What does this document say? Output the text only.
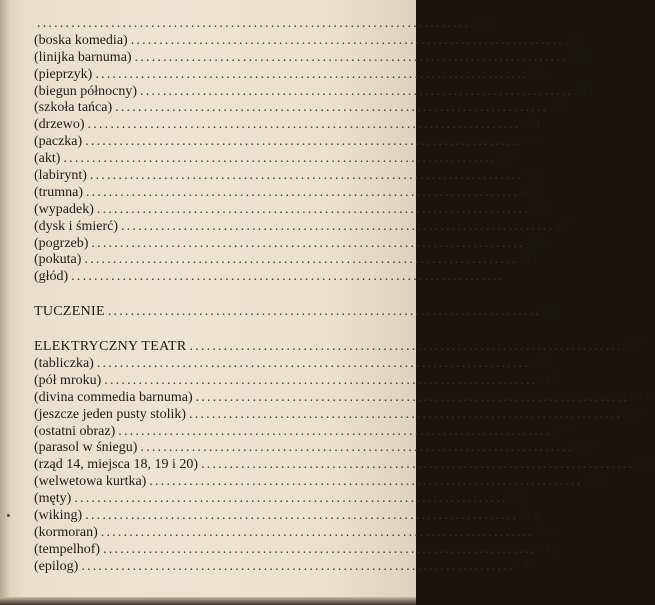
............................................................................ 254
(boska komedia) ............................................................................ 272
(linijka barnuma) ............................................................................ 294
(pieprzyk) ............................................................................ 321
(biegun północny) ............................................................................ 331
(szkoła tańca) ............................................................................ 362
(drzewo) ............................................................................ 371
(paczka) ............................................................................ 381
(akt) ............................................................................ 390
(labirynt) ............................................................................ 399
(trumna) ............................................................................ 414
(wypadek) ............................................................................ 420
(dysk i śmierć) ............................................................................ 437
(pogrzeb) ............................................................................ 450
(pokuta) ............................................................................ 531
(głód) ............................................................................
TUCZENIE ............................................................................ 603
ELEKTRYCZNY TEATR ............................................................................ 627
(tabliczka) ............................................................................ 629
(pół mroku) ............................................................................ 645
(divina commedia barnuma) ............................................................................ 654
(jeszcze jeden pusty stolik) ............................................................................ 669
(ostatni obraz) ............................................................................ 679
(parasol w śniegu) ............................................................................ 683
(rząd 14, miejsca 18, 19 i 20) ............................................................................ 693
(welwetowa kurtka) ............................................................................ 700
(męty) ............................................................................ 708
(wiking) ............................................................................ 714
(kormoran) ............................................................................ 736
(tempelhof) ............................................................................ 742
(epilog) ............................................................................ 745
